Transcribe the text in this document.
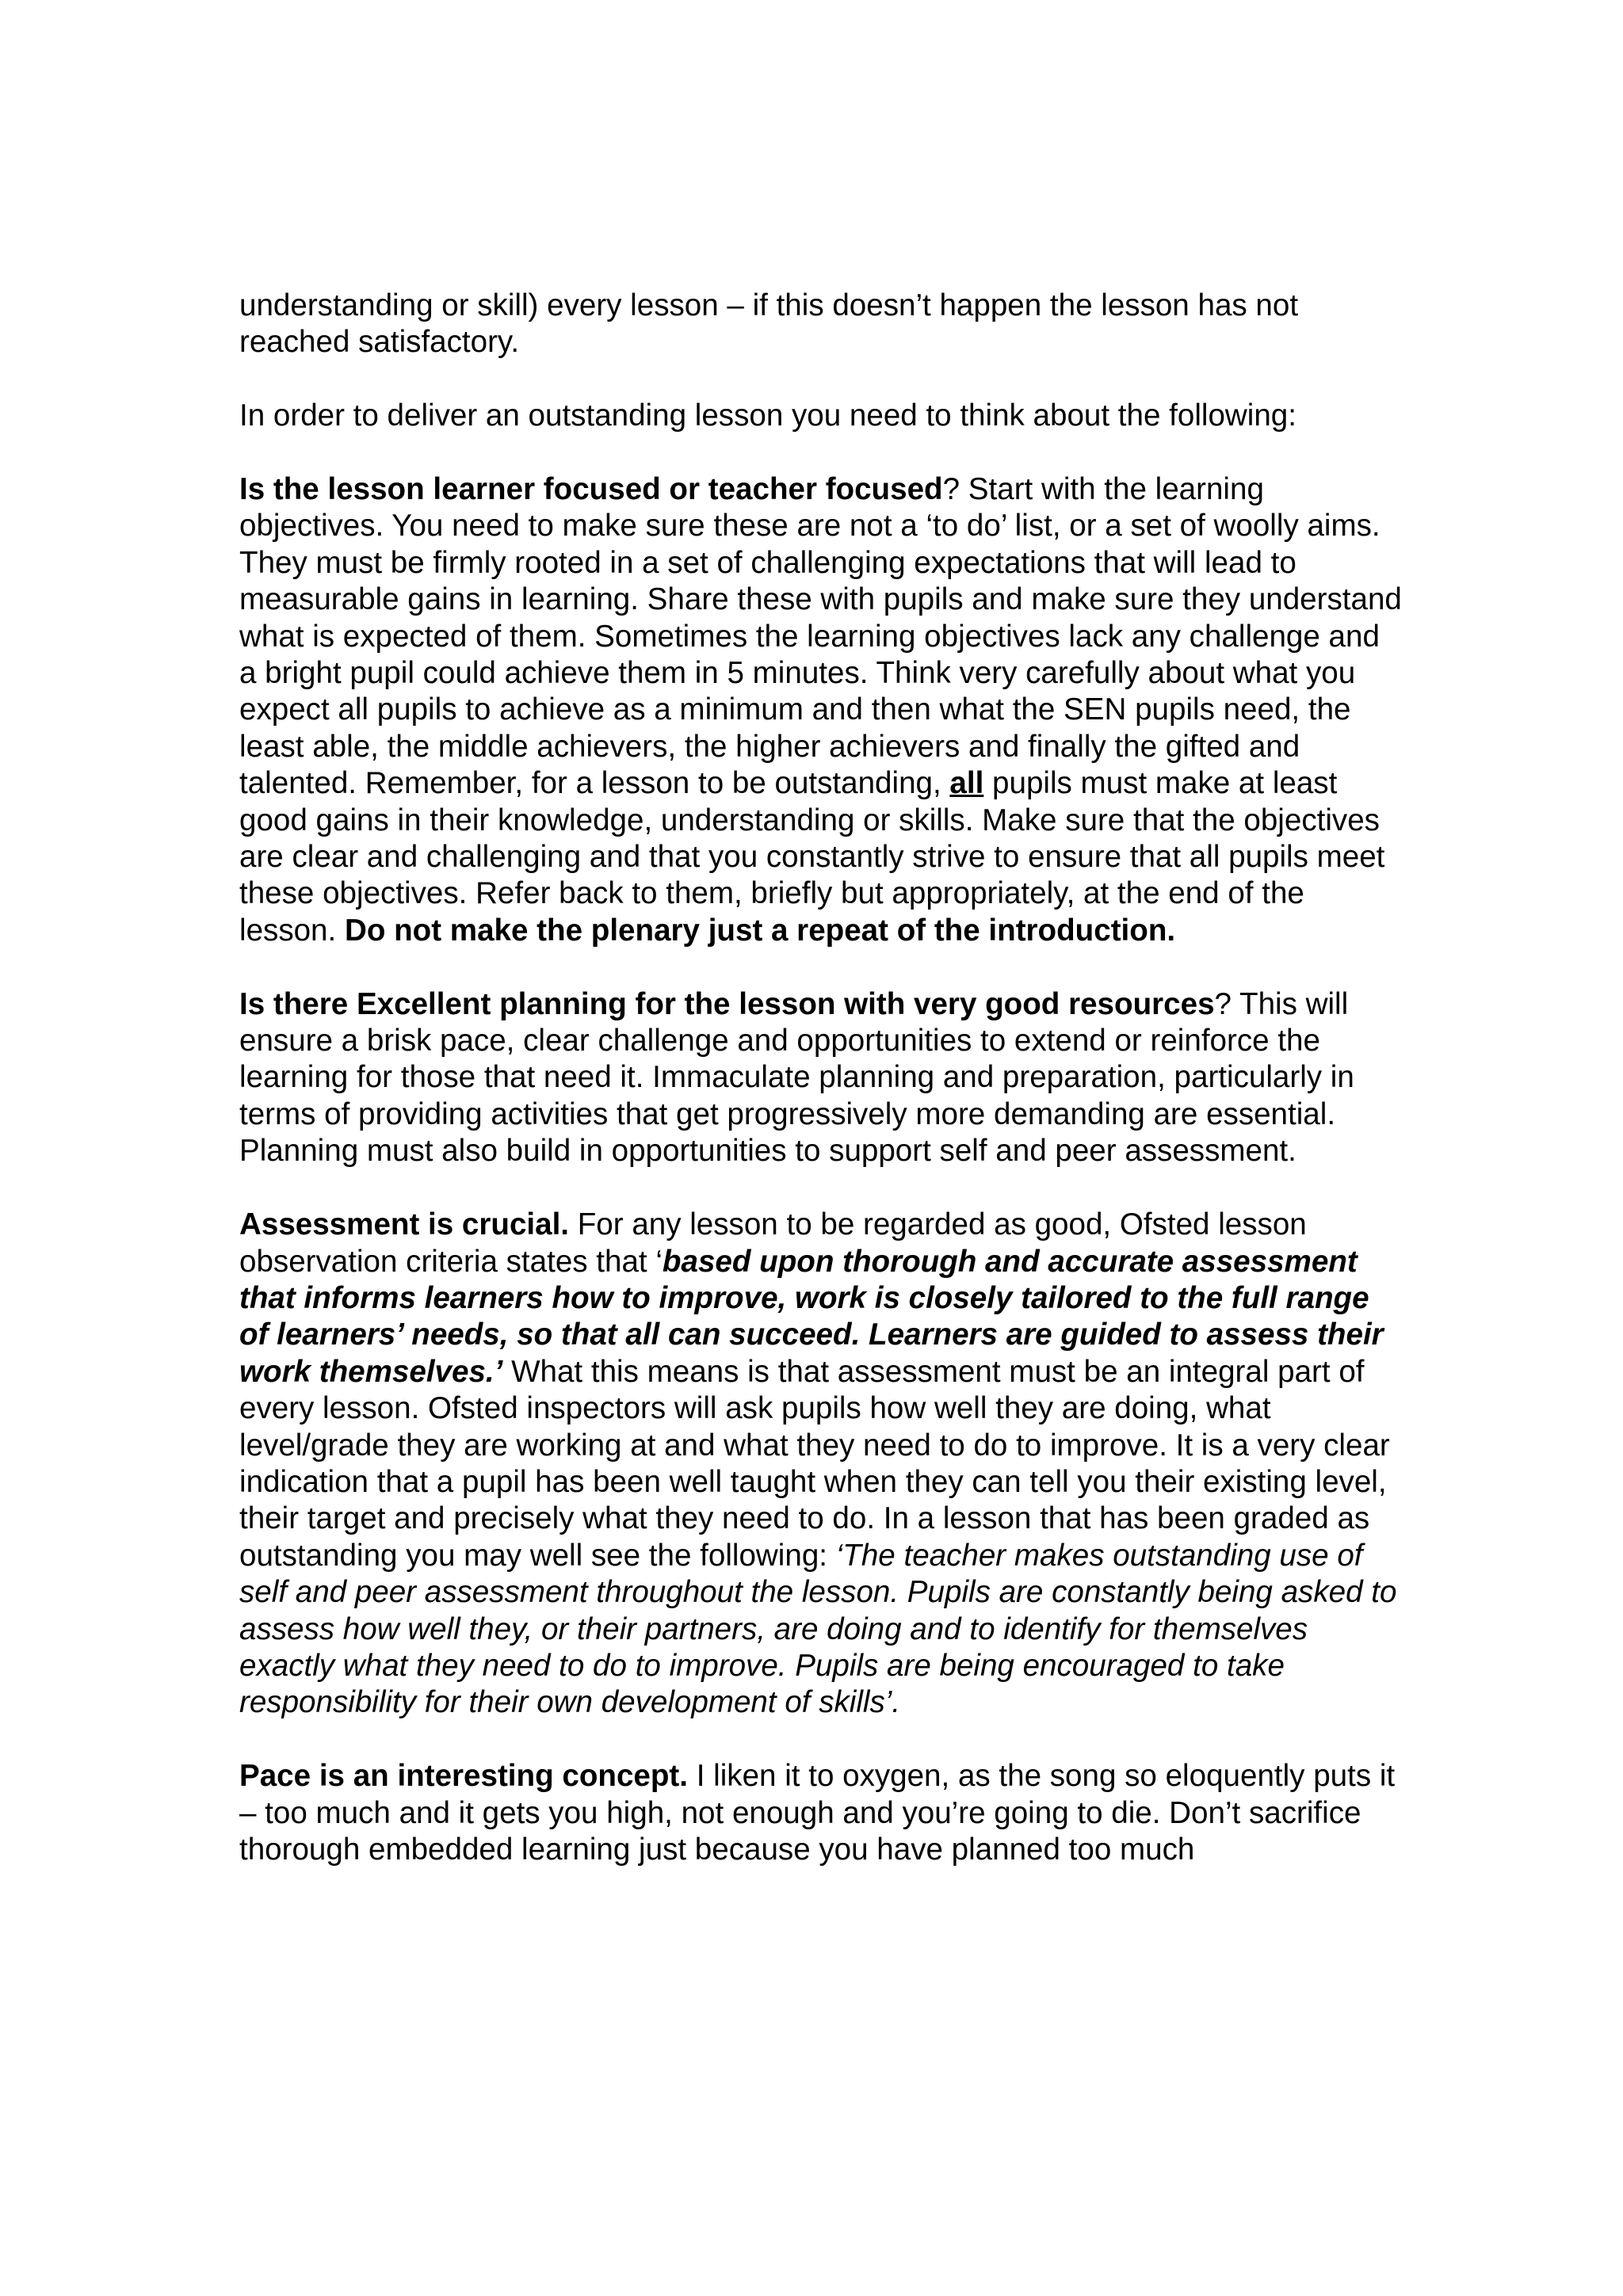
understanding or skill) every lesson – if this doesn’t happen the lesson has not reached satisfactory.

In order to deliver an outstanding lesson you need to think about the following:

Is the lesson learner focused or teacher focused? Start with the learning objectives. You need to make sure these are not a ‘to do’ list, or a set of woolly aims. They must be firmly rooted in a set of challenging expectations that will lead to measurable gains in learning. Share these with pupils and make sure they understand what is expected of them. Sometimes the learning objectives lack any challenge and a bright pupil could achieve them in 5 minutes. Think very carefully about what you expect all pupils to achieve as a minimum and then what the SEN pupils need, the least able, the middle achievers, the higher achievers and finally the gifted and talented. Remember, for a lesson to be outstanding, all pupils must make at least good gains in their knowledge, understanding or skills. Make sure that the objectives are clear and challenging and that you constantly strive to ensure that all pupils meet these objectives. Refer back to them, briefly but appropriately, at the end of the lesson. Do not make the plenary just a repeat of the introduction.

Is there Excellent planning for the lesson with very good resources? This will ensure a brisk pace, clear challenge and opportunities to extend or reinforce the learning for those that need it. Immaculate planning and preparation, particularly in terms of providing activities that get progressively more demanding are essential. Planning must also build in opportunities to support self and peer assessment.

Assessment is crucial. For any lesson to be regarded as good, Ofsted lesson observation criteria states that ‘based upon thorough and accurate assessment that informs learners how to improve, work is closely tailored to the full range of learners’ needs, so that all can succeed. Learners are guided to assess their work themselves.’ What this means is that assessment must be an integral part of every lesson. Ofsted inspectors will ask pupils how well they are doing, what level/grade they are working at and what they need to do to improve. It is a very clear indication that a pupil has been well taught when they can tell you their existing level, their target and precisely what they need to do. In a lesson that has been graded as outstanding you may well see the following: ‘The teacher makes outstanding use of self and peer assessment throughout the lesson. Pupils are constantly being asked to assess how well they, or their partners, are doing and to identify for themselves exactly what they need to do to improve. Pupils are being encouraged to take responsibility for their own development of skills’.

Pace is an interesting concept. I liken it to oxygen, as the song so eloquently puts it – too much and it gets you high, not enough and you’re going to die. Don’t sacrifice thorough embedded learning just because you have planned too much
